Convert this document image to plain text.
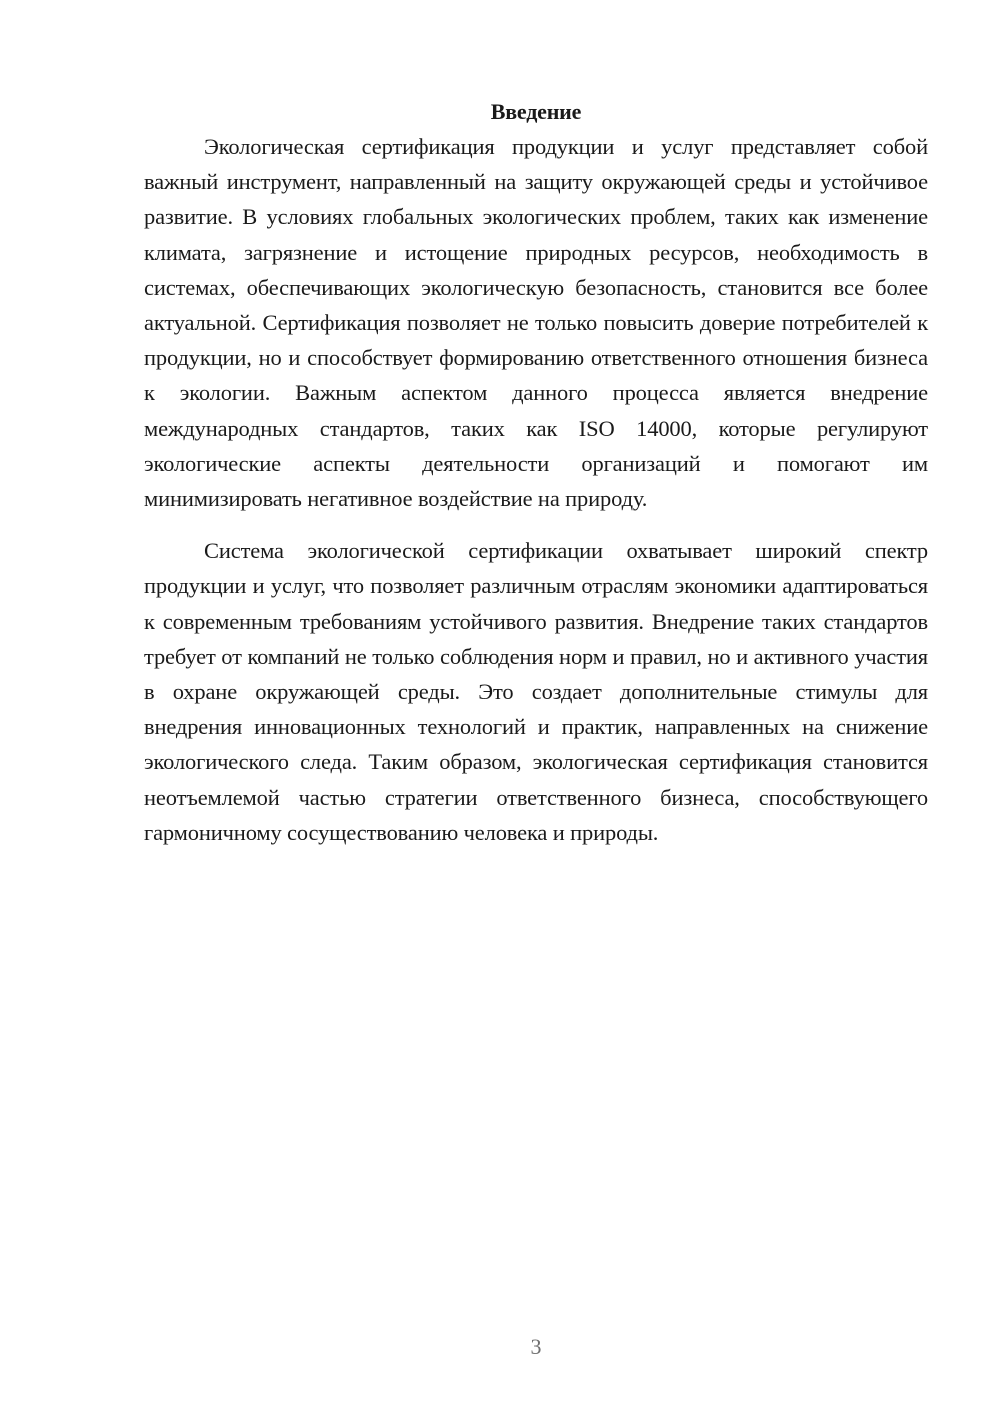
Введение

Экологическая сертификация продукции и услуг представляет собой важный инструмент, направленный на защиту окружающей среды и устойчивое развитие. В условиях глобальных экологических проблем, таких как изменение климата, загрязнение и истощение природных ресурсов, необходимость в системах, обеспечивающих экологическую безопасность, становится все более актуальной. Сертификация позволяет не только повысить доверие потребителей к продукции, но и способствует формированию ответственного отношения бизнеса к экологии. Важным аспектом данного процесса является внедрение международных стандартов, таких как ISO 14000, которые регулируют экологические аспекты деятельности организаций и помогают им минимизировать негативное воздействие на природу.

Система экологической сертификации охватывает широкий спектр продукции и услуг, что позволяет различным отраслям экономики адаптироваться к современным требованиям устойчивого развития. Внедрение таких стандартов требует от компаний не только соблюдения норм и правил, но и активного участия в охране окружающей среды. Это создает дополнительные стимулы для внедрения инновационных технологий и практик, направленных на снижение экологического следа. Таким образом, экологическая сертификация становится неотъемлемой частью стратегии ответственного бизнеса, способствующего гармоничному сосуществованию человека и природы.

3
